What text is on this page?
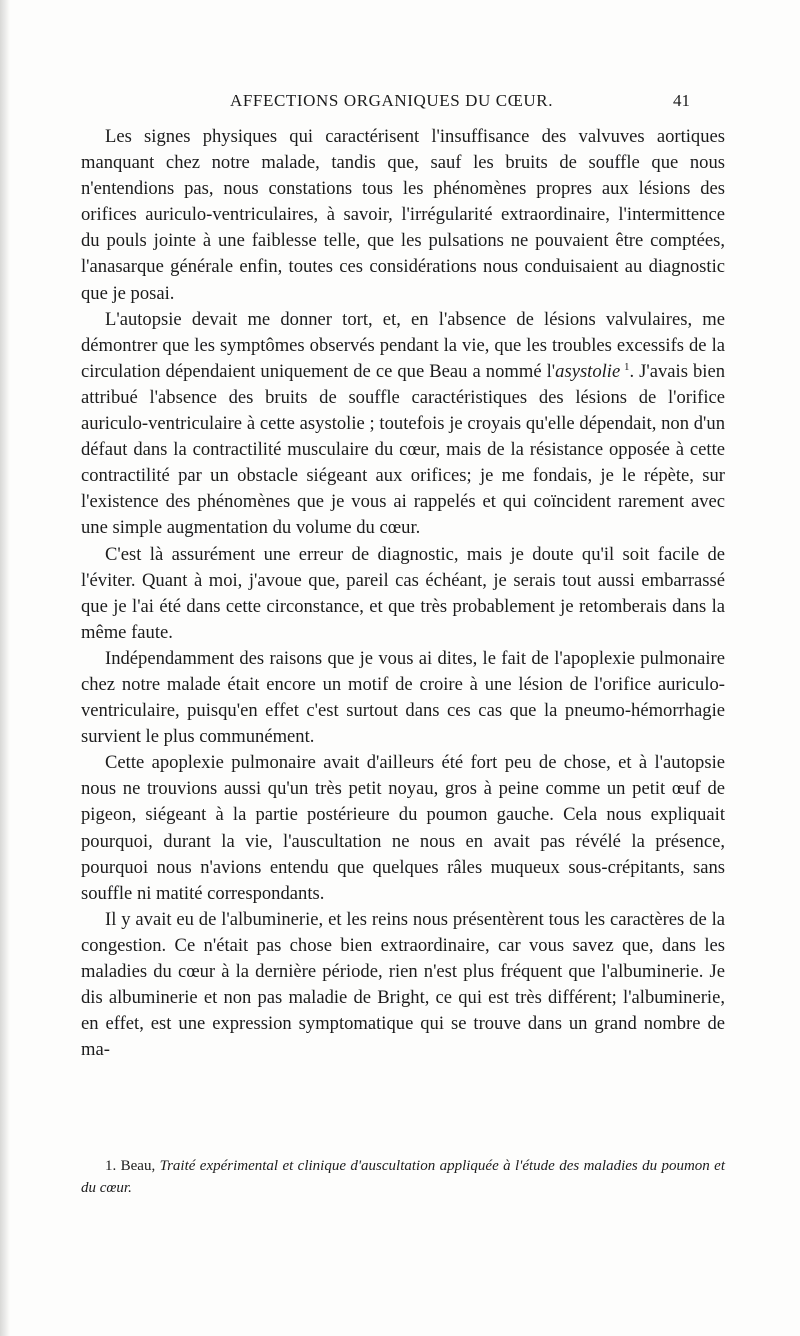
AFFECTIONS ORGANIQUES DU CŒUR.	41

Les signes physiques qui caractérisent l'insuffisance des valvuves aortiques manquant chez notre malade, tandis que, sauf les bruits de souffle que nous n'entendions pas, nous constations tous les phénomènes propres aux lésions des orifices auriculo-ventriculaires, à savoir, l'irrégularité extraordinaire, l'intermittence du pouls jointe à une faiblesse telle, que les pulsations ne pouvaient être comptées, l'anasarque générale enfin, toutes ces considérations nous conduisaient au diagnostic que je posai.

L'autopsie devait me donner tort, et, en l'absence de lésions valvulaires, me démontrer que les symptômes observés pendant la vie, que les troubles excessifs de la circulation dépendaient uniquement de ce que Beau a nommé l'asystolie  $^1$. J'avais bien attribué l'absence des bruits de souffle caractéristiques des lésions de l'orifice auriculo-ventriculaire à cette asystolie ; toutefois je croyais qu'elle dépendait, non d'un défaut dans la contractilité musculaire du cœur, mais de la résistance opposée à cette contractilité par un obstacle siégeant aux orifices; je me fondais, je le répète, sur l'existence des phénomènes que je vous ai rappelés et qui coïncident rarement avec une simple augmentation du volume du cœur.

C'est là assurément une erreur de diagnostic, mais je doute qu'il soit facile de l'éviter. Quant à moi, j'avoue que, pareil cas échéant, je serais tout aussi embarrassé que je l'ai été dans cette circonstance, et que très probablement je retomberais dans la même faute.

Indépendamment des raisons que je vous ai dites, le fait de l'apoplexie pulmonaire chez notre malade était encore un motif de croire à une lésion de l'orifice auriculo-ventriculaire, puisqu'en effet c'est surtout dans ces cas que la pneumo-hémorrhagie survient le plus communément.

Cette apoplexie pulmonaire avait d'ailleurs été fort peu de chose, et à l'autopsie nous ne trouvions aussi qu'un très petit noyau, gros à peine comme un petit œuf de pigeon, siégeant à la partie postérieure du poumon gauche. Cela nous expliquait pourquoi, durant la vie, l'auscultation ne nous en avait pas révélé la présence, pourquoi nous n'avions entendu que quelques râles muqueux sous-crépitants, sans souffle ni matité correspondants.

Il y avait eu de l'albuminerie, et les reins nous présentèrent tous les caractères de la congestion. Ce n'était pas chose bien extraordinaire, car vous savez que, dans les maladies du cœur à la dernière période, rien n'est plus fréquent que l'albuminerie. Je dis albuminerie et non pas maladie de Bright, ce qui est très différent; l'albuminerie, en effet, est une expression symptomatique qui se trouve dans un grand nombre de ma-

1. Beau, Traité expérimental et clinique d'auscultation appliquée à l'étude des maladies du poumon et du cœur.
